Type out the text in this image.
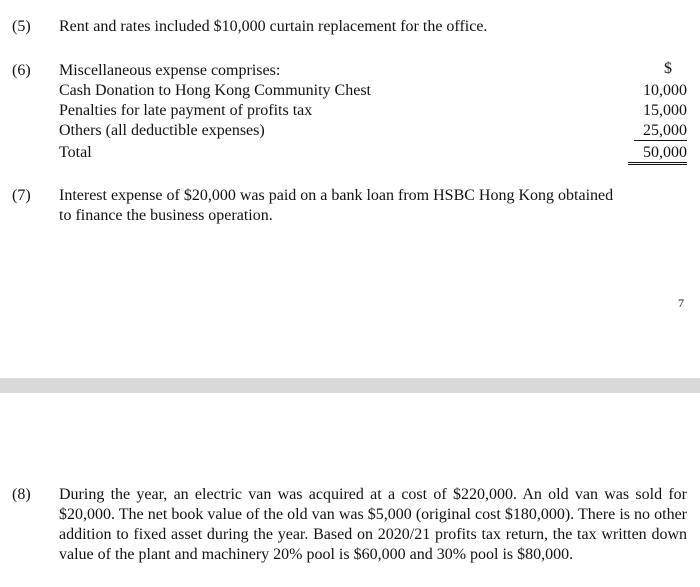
(5) Rent and rates included $10,000 curtain replacement for the office.
(6) Miscellaneous expense comprises:	$
Cash Donation to Hong Kong Community Chest	10,000
Penalties for late payment of profits tax	15,000
Others (all deductible expenses)	25,000
Total	50,000
(7) Interest expense of $20,000 was paid on a bank loan from HSBC Hong Kong obtained
to finance the business operation.
7
(8) During the year, an electric van was acquired at a cost of $220,000. An old van was sold for $20,000. The net book value of the old van was $5,000 (original cost $180,000). There is no other addition to fixed asset during the year. Based on 2020/21 profits tax return, the tax written down value of the plant and machinery 20% pool is $60,000 and 30% pool is $80,000.
